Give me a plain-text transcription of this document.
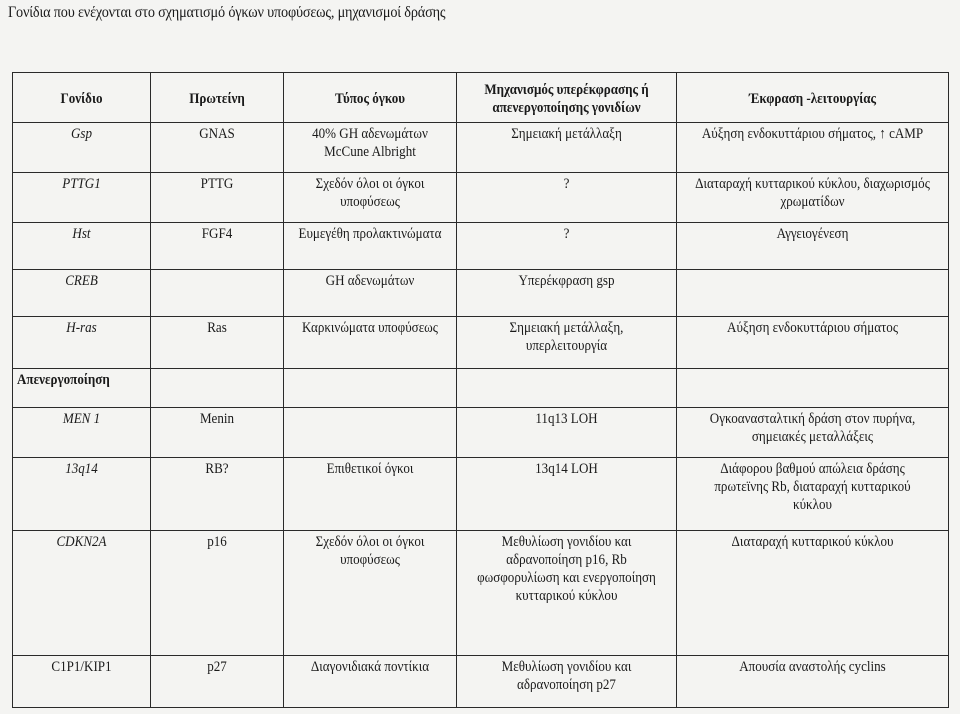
Γονίδια που ενέχονται στο σχηματισμό όγκων υποφύσεως, μηχανισμοί δράσης
Γονίδιο	Πρωτείνη	Τύπος όγκου	Μηχανισμός υπερέκφρασης ή απενεργοποίησης γονιδίων	Έκφραση -λειτουργίας

Gsp	GNAS	40% GH αδενωμάτων McCune Albright	Σημειακή μετάλλαξη	Αύξηση ενδοκυττάριου σήματος, ↑ cAMP

PTTG1	PTTG	Σχεδόν όλοι οι όγκοι υποφύσεως	?	Διαταραχή κυτταρικού κύκλου, διαχωρισμός χρωματίδων

Hst	FGF4	Ευμεγέθη προλακτινώματα	?	Αγγειογένεση

CREB		GH αδενωμάτων	Υπερέκφραση gsp	

H-ras	Ras	Καρκινώματα υποφύσεως	Σημειακή μετάλλαξη, υπερλειτουργία	Αύξηση ενδοκυττάριου σήματος

Απενεργοποίηση				

MEN 1	Menin		11q13 LOH	Ογκοανασταλτική δράση στον πυρήνα, σημειακές μεταλλάξεις

13q14	RB?	Επιθετικοί όγκοι	13q14 LOH	Διάφορου βαθμού απώλεια δράσης πρωτεϊνης Rb, διαταραχή κυτταρικού κύκλου

CDKN2A	p16	Σχεδόν όλοι οι όγκοι υποφύσεως	Μεθυλίωση γονιδίου και αδρανοποίηση p16, Rb φωσφορυλίωση και ενεργοποίηση κυτταρικού κύκλου	Διαταραχή κυτταρικού κύκλου

C1P1/KIP1	p27	Διαγονιδιακά ποντίκια	Μεθυλίωση γονιδίου και αδρανοποίηση p27	Απουσία αναστολής cyclins
